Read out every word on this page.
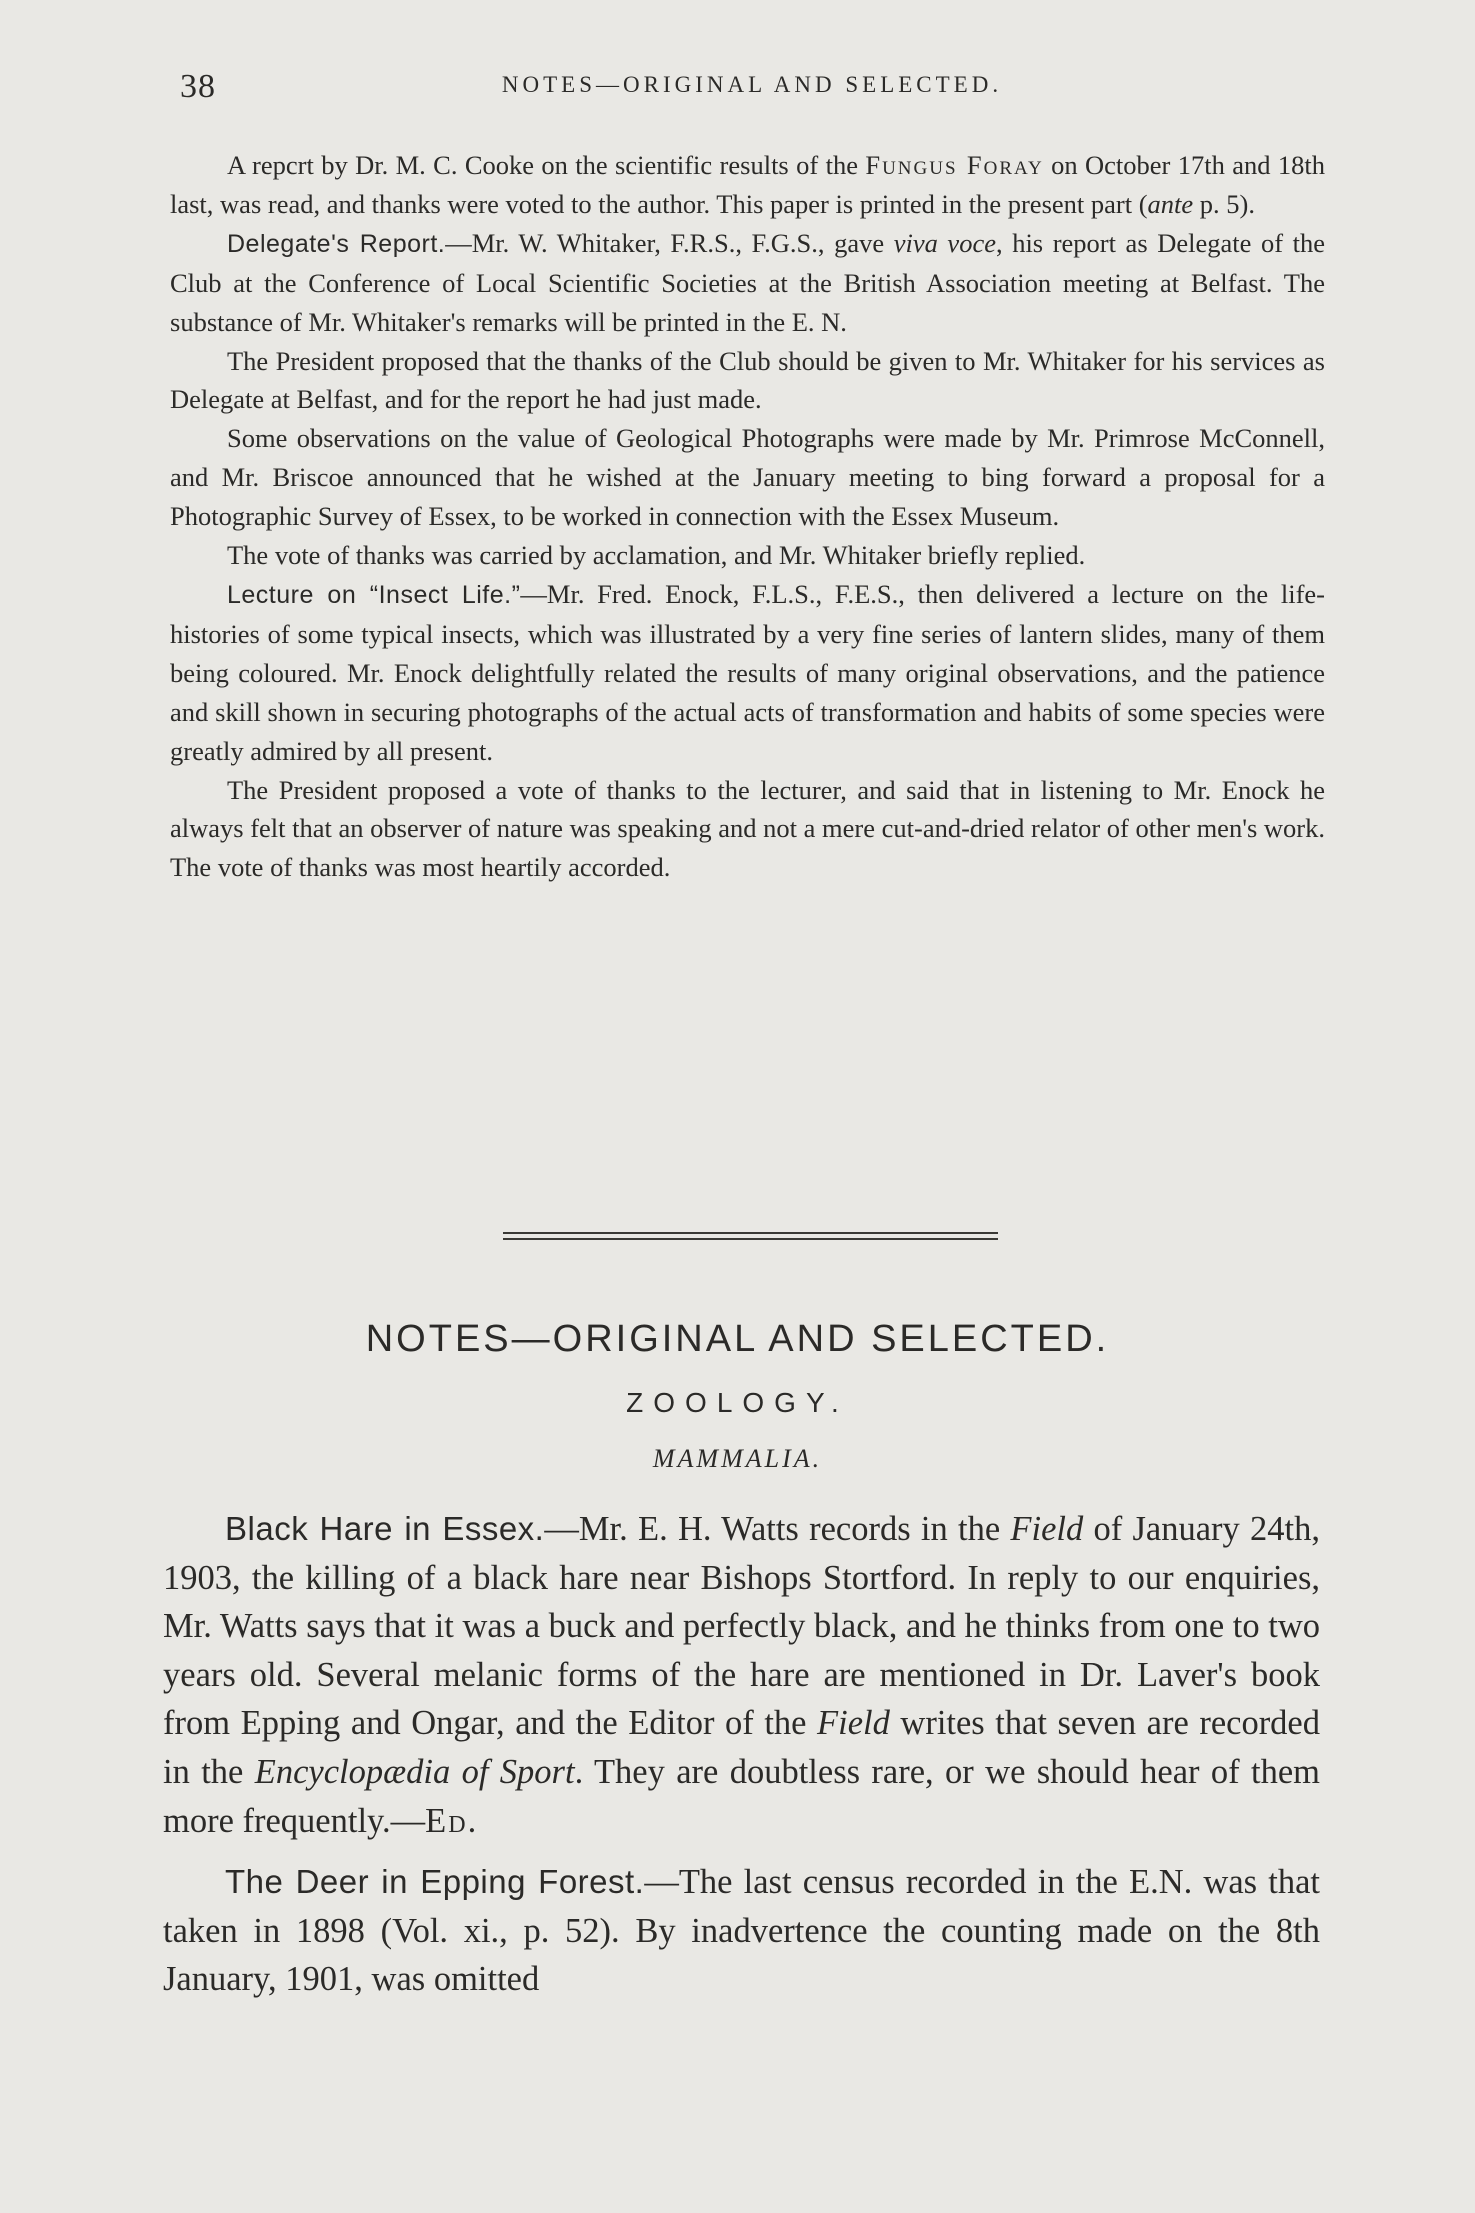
38	NOTES—ORIGINAL AND SELECTED.

A repcrt by Dr. M. C. Cooke on the scientific results of the Fungus Foray on October 17th and 18th last, was read, and thanks were voted to the author. This paper is printed in the present part (ante p. 5).

Delegate's Report.—Mr. W. Whitaker, F.R.S., F.G.S., gave viva voce, his report as Delegate of the Club at the Conference of Local Scientific Societies at the British Association meeting at Belfast. The substance of Mr. Whitaker's remarks will be printed in the E. N.

The President proposed that the thanks of the Club should be given to Mr. Whitaker for his services as Delegate at Belfast, and for the report he had just made.

Some observations on the value of Geological Photographs were made by Mr. Primrose McConnell, and Mr. Briscoe announced that he wished at the January meeting to bing forward a proposal for a Photographic Survey of Essex, to be worked in connection with the Essex Museum.

The vote of thanks was carried by acclamation, and Mr. Whitaker briefly replied.

Lecture on “Insect Life.”—Mr. Fred. Enock, F.L.S., F.E.S., then delivered a lecture on the life-histories of some typical insects, which was illustrated by a very fine series of lantern slides, many of them being coloured. Mr. Enock delightfully related the results of many original observations, and the patience and skill shown in securing photographs of the actual acts of transformation and habits of some species were greatly admired by all present.

The President proposed a vote of thanks to the lecturer, and said that in listening to Mr. Enock he always felt that an observer of nature was speaking and not a mere cut-and-dried relator of other men's work. The vote of thanks was most heartily accorded.

NOTES—ORIGINAL AND SELECTED.
ZOOLOGY.
MAMMALIA.

Black Hare in Essex.—Mr. E. H. Watts records in the Field of January 24th, 1903, the killing of a black hare near Bishops Stortford. In reply to our enquiries, Mr. Watts says that it was a buck and perfectly black, and he thinks from one to two years old. Several melanic forms of the hare are mentioned in Dr. Laver's book from Epping and Ongar, and the Editor of the Field writes that seven are recorded in the Encyclopædia of Sport. They are doubtless rare, or we should hear of them more frequently.—Ed.

The Deer in Epping Forest.—The last census recorded in the E.N. was that taken in 1898 (Vol. xi., p. 52). By inadvertence the counting made on the 8th January, 1901, was omitted
